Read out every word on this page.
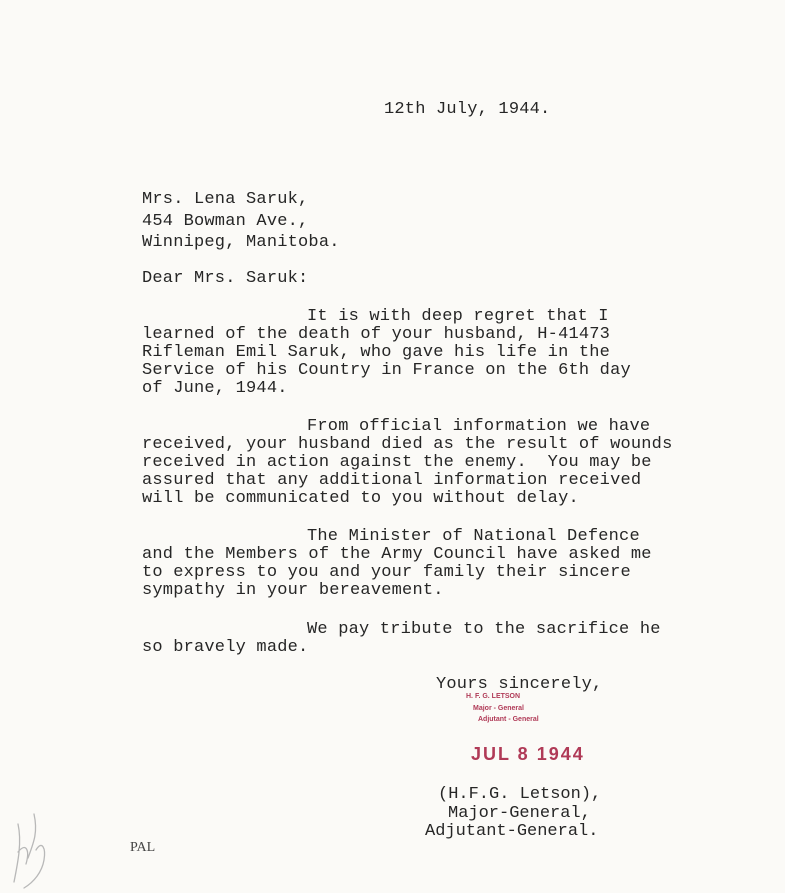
12th July, 1944.
Mrs. Lena Saruk,
454 Bowman Ave.,
Winnipeg, Manitoba.
Dear Mrs. Saruk:
It is with deep regret that I
learned of the death of your husband, H-41473
Rifleman Emil Saruk, who gave his life in the
Service of his Country in France on the 6th day
of June, 1944.
From official information we have
received, your husband died as the result of wounds
received in action against the enemy.  You may be
assured that any additional information received
will be communicated to you without delay.
The Minister of National Defence
and the Members of the Army Council have asked me
to express to you and your family their sincere
sympathy in your bereavement.
We pay tribute to the sacrifice he
so bravely made.
Yours sincerely,
H. F. G. LETSON
Major - General
Adjutant - General
JUL 8 1944
(H.F.G. Letson),
Major-General,
Adjutant-General.
PAL
